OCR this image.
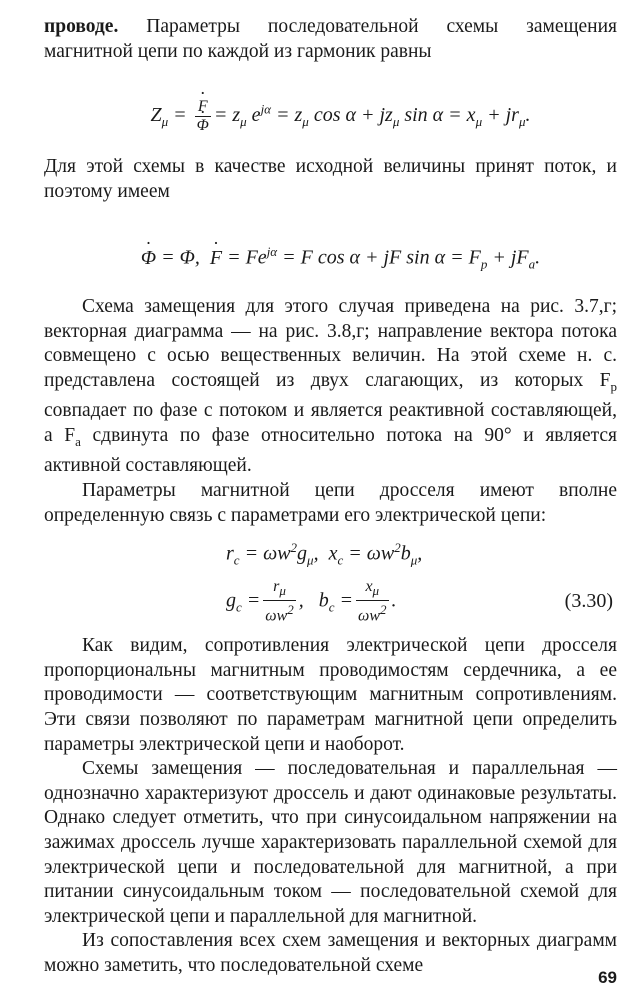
проводе. Параметры последовательной схемы замещения магнитной цепи по каждой из гармоник равны

$Z_\mu$ = · F
· $\Phi = z_\mu$ $e^{j\alpha} = z_\mu$ $\cos \alpha + jz_\mu$ $\sin \alpha = x_\mu + jr_\mu$.

Для этой схемы в качестве исходной величины принят поток, и поэтому имеем

· Φ = Φ, · $F = Fe^{j\alpha} = F$ cos α + jF $\sin \alpha = F_р + jF_а$.

Схема замещения для этого случая приведена на рис. 3.7,г; векторная диаграмма — на рис. 3.8,г; направление вектора потока совмещено с осью вещественных величин. На этой схеме н. с. представлена состоящей из двух слагающих, из которых $F_р$ совпадает по фазе с потоком и является реактивной составляющей, а $F_а$ сдвинута по фазе относительно потока на 90° и является активной составляющей.

Параметры магнитной цепи дросселя имеют вполне определенную связь с параметрами его электрической цепи:

$r_с = \omega w^2g_\mu$, $x_с = \omega w^2b_\mu$,

$g_с = \frac{r_\mu}{\omega w^2}$ , $b_с = \frac{x_\mu}{\omega w^2}$ .	(3.30)

Как видим, сопротивления электрической цепи дросселя пропорциональны магнитным проводимостям сердечника, а ее проводимости — соответствующим магнитным сопротивлениям. Эти связи позволяют по параметрам магнитной цепи определить параметры электрической цепи и наоборот.

Схемы замещения — последовательная и параллельная — однозначно характеризуют дроссель и дают одинаковые результаты. Однако следует отметить, что при синусоидальном напряжении на зажимах дроссель лучше характеризовать параллельной схемой для электрической цепи и последовательной для магнитной, а при питании синусоидальным током — последовательной схемой для электрической цепи и параллельной для магнитной.

Из сопоставления всех схем замещения и векторных диаграмм можно заметить, что последовательной схеме

69
